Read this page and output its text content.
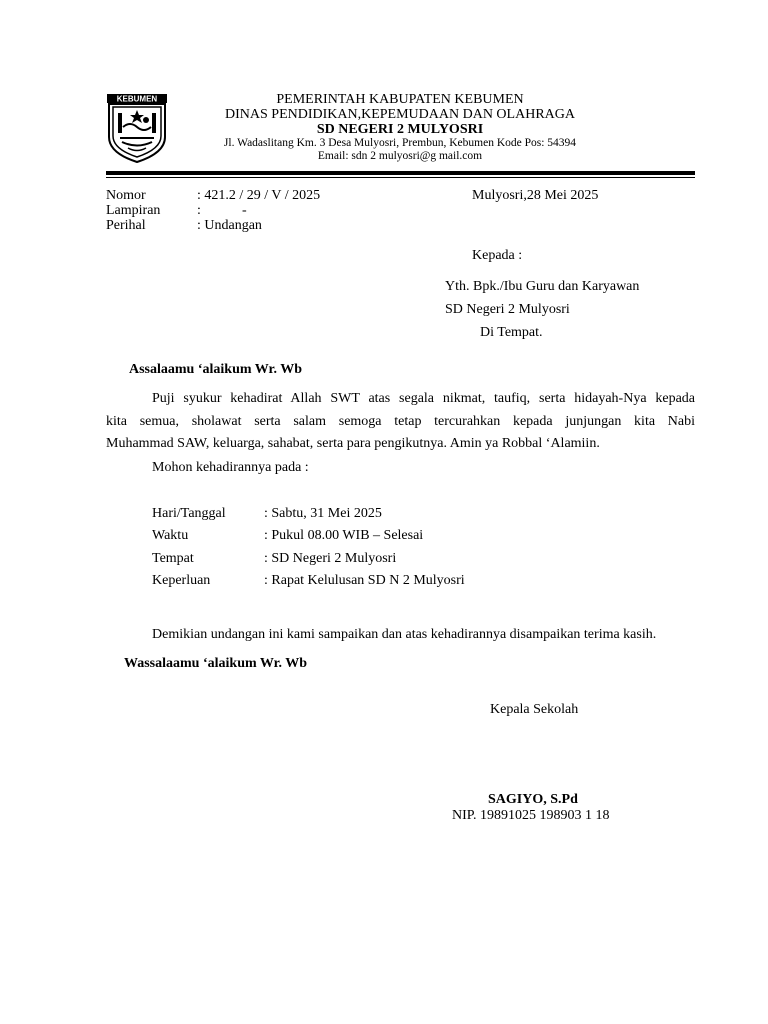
KEBUMEN	PEMERINTAH KABUPATEN KEBUMEN
DINAS PENDIDIKAN,KEPEMUDAAN DAN OLAHRAGA
SD NEGERI 2 MULYOSRI
Jl. Wadaslitang Km. 3 Desa Mulyosri, Prembun, Kebumen Kode Pos: 54394
Email: sdn 2 mulyosri@g mail.com
Nomor	: 421.2 / 29 / V / 2025
Lampiran	:	-
Perihal	: Undangan
Mulyosri,28 Mei 2025
Kepada :
Yth. Bpk./Ibu Guru dan Karyawan
SD Negeri 2 Mulyosri
Di Tempat.
Assalaamu ‘alaikum Wr. Wb
Puji syukur kehadirat Allah SWT atas segala nikmat, taufiq, serta hidayah-Nya kepada
kita semua, sholawat serta salam semoga tetap tercurahkan kepada junjungan kita Nabi
Muhammad SAW, keluarga, sahabat, serta para pengikutnya. Amin ya Robbal ‘Alamiin.
Mohon kehadirannya pada :
Hari/Tanggal	: Sabtu, 31 Mei 2025
Waktu	: Pukul 08.00 WIB – Selesai
Tempat	: SD Negeri 2 Mulyosri
Keperluan	: Rapat Kelulusan SD N 2 Mulyosri
Demikian undangan ini kami sampaikan dan atas kehadirannya disampaikan terima kasih.
Wassalaamu ‘alaikum Wr. Wb
Kepala Sekolah
SAGIYO, S.Pd
NIP. 19891025 198903 1 18
